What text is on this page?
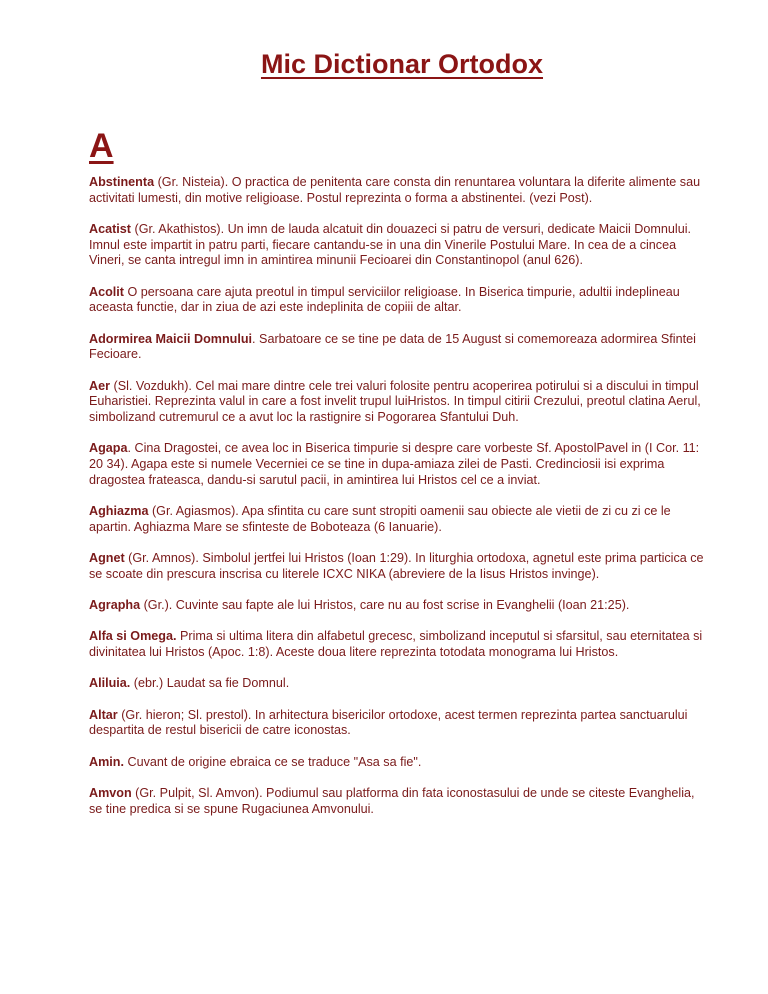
Mic Dictionar Ortodox
A

Abstinenta (Gr. Nisteia). O practica de penitenta care consta din renuntarea voluntara la diferite alimente sau activitati lumesti, din motive religioase. Postul reprezinta o forma a abstinentei. (vezi Post).

Acatist (Gr. Akathistos). Un imn de lauda alcatuit din douazeci si patru de versuri, dedicate Maicii Domnului. Imnul este impartit in patru parti, fiecare cantandu-se in una din Vinerile Postului Mare. In cea de a cincea Vineri, se canta intregul imn in amintirea minunii Fecioarei din Constantinopol (anul 626).

Acolit O persoana care ajuta preotul in timpul serviciilor religioase. In Biserica timpurie, adultii indeplineau aceasta functie, dar in ziua de azi este indeplinita de copiii de altar.

Adormirea Maicii Domnului. Sarbatoare ce se tine pe data de 15 August si comemoreaza adormirea Sfintei Fecioare.

Aer (Sl. Vozdukh). Cel mai mare dintre cele trei valuri folosite pentru acoperirea potirului si a discului in timpul Euharistiei. Reprezinta valul in care a fost invelit trupul luiHristos. In timpul citirii Crezului, preotul clatina Aerul, simbolizand cutremurul ce a avut loc la rastignire si Pogorarea Sfantului Duh.

Agapa. Cina Dragostei, ce avea loc in Biserica timpurie si despre care vorbeste Sf. ApostolPavel in (I Cor. 11: 20 34). Agapa este si numele Vecerniei ce se tine in dupa-amiaza zilei de Pasti. Credinciosii isi exprima dragostea frateasca, dandu-si sarutul pacii, in amintirea lui Hristos cel ce a inviat.

Aghiazma (Gr. Agiasmos). Apa sfintita cu care sunt stropiti oamenii sau obiecte ale vietii de zi cu zi ce le apartin. Aghiazma Mare se sfinteste de Boboteaza (6 Ianuarie).

Agnet (Gr. Amnos). Simbolul jertfei lui Hristos (Ioan 1:29). In liturghia ortodoxa, agnetul este prima particica ce se scoate din prescura inscrisa cu literele ICXC NIKA (abreviere de la Iisus Hristos invinge).

Agrapha (Gr.). Cuvinte sau fapte ale lui Hristos, care nu au fost scrise in Evanghelii (Ioan 21:25).

Alfa si Omega. Prima si ultima litera din alfabetul grecesc, simbolizand inceputul si sfarsitul, sau eternitatea si divinitatea lui Hristos (Apoc. 1:8). Aceste doua litere reprezinta totodata monograma lui Hristos.

Aliluia. (ebr.) Laudat sa fie Domnul.

Altar (Gr. hieron; Sl. prestol). In arhitectura bisericilor ortodoxe, acest termen reprezinta partea sanctuarului despartita de restul bisericii de catre iconostas.

Amin. Cuvant de origine ebraica ce se traduce "Asa sa fie".

Amvon (Gr. Pulpit, Sl. Amvon). Podiumul sau platforma din fata iconostasului de unde se citeste Evanghelia, se tine predica si se spune Rugaciunea Amvonului.
